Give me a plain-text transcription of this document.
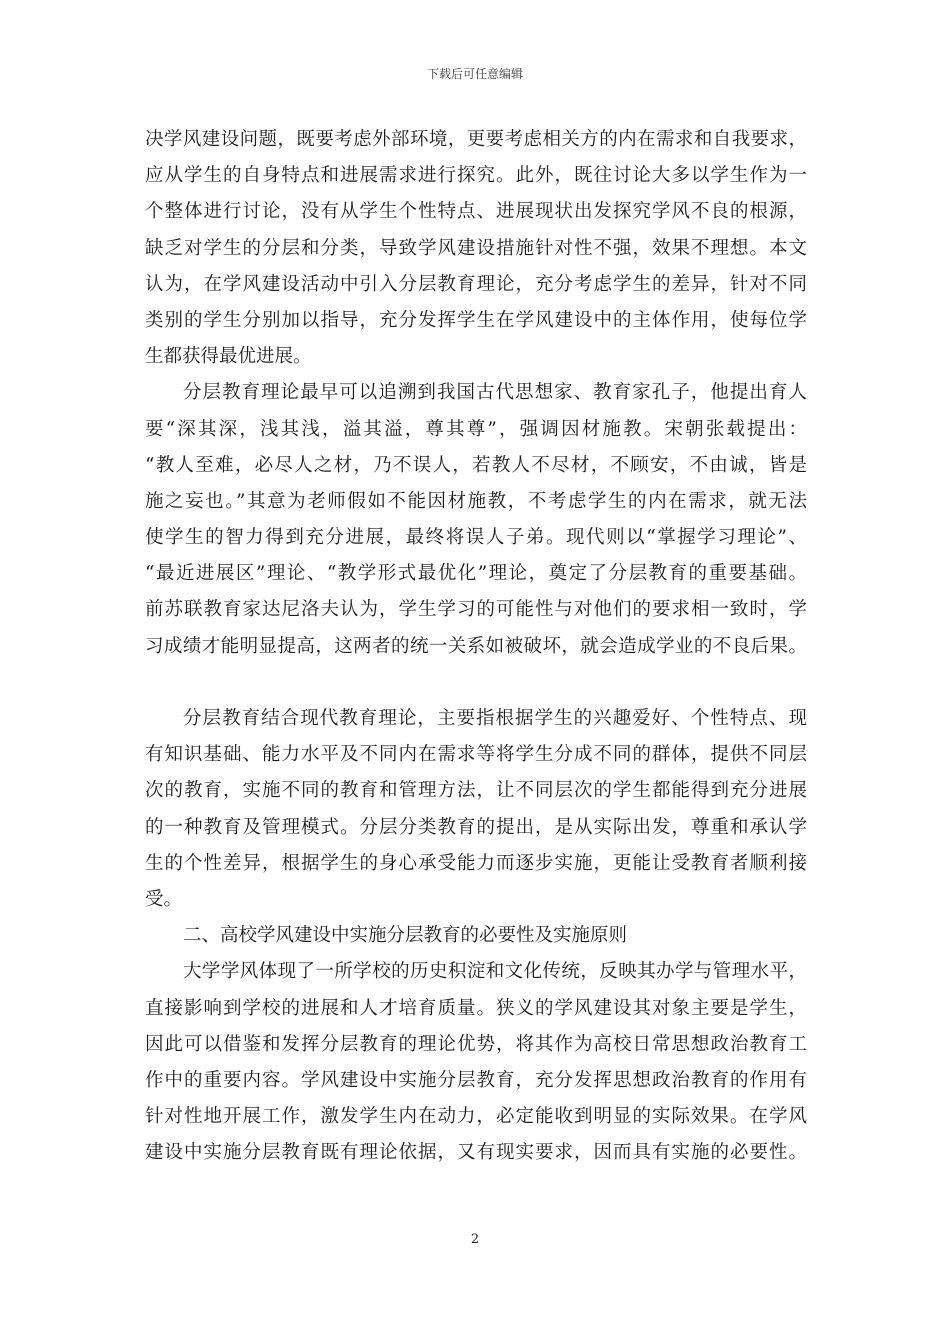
下载后可任意编辑
决学风建设问题，既要考虑外部环境，更要考虑相关方的内在需求和自我要求，
应从学生的自身特点和进展需求进行探究。此外，既往讨论大多以学生作为一
个整体进行讨论，没有从学生个性特点、进展现状出发探究学风不良的根源，
缺乏对学生的分层和分类，导致学风建设措施针对性不强，效果不理想。本文
认为，在学风建设活动中引入分层教育理论，充分考虑学生的差异，针对不同
类别的学生分别加以指导，充分发挥学生在学风建设中的主体作用，使每位学
生都获得最优进展。
分层教育理论最早可以追溯到我国古代思想家、教育家孔子，他提出育人
要“深其深，浅其浅，溢其溢，尊其尊”，强调因材施教。宋朝张载提出：
“教人至难，必尽人之材，乃不误人，若教人不尽材，不顾安，不由诚，皆是
施之妄也。”其意为老师假如不能因材施教，不考虑学生的内在需求，就无法
使学生的智力得到充分进展，最终将误人子弟。现代则以“掌握学习理论”、
“最近进展区”理论、“教学形式最优化”理论，奠定了分层教育的重要基础。
前苏联教育家达尼洛夫认为，学生学习的可能性与对他们的要求相一致时，学
习成绩才能明显提高，这两者的统一关系如被破坏，就会造成学业的不良后果。
分层教育结合现代教育理论，主要指根据学生的兴趣爱好、个性特点、现
有知识基础、能力水平及不同内在需求等将学生分成不同的群体，提供不同层
次的教育，实施不同的教育和管理方法，让不同层次的学生都能得到充分进展
的一种教育及管理模式。分层分类教育的提出，是从实际出发，尊重和承认学
生的个性差异，根据学生的身心承受能力而逐步实施，更能让受教育者顺利接
受。
二、高校学风建设中实施分层教育的必要性及实施原则
大学学风体现了一所学校的历史积淀和文化传统，反映其办学与管理水平，
直接影响到学校的进展和人才培育质量。狭义的学风建设其对象主要是学生，
因此可以借鉴和发挥分层教育的理论优势，将其作为高校日常思想政治教育工
作中的重要内容。学风建设中实施分层教育，充分发挥思想政治教育的作用有
针对性地开展工作，激发学生内在动力，必定能收到明显的实际效果。在学风
建设中实施分层教育既有理论依据，又有现实要求，因而具有实施的必要性。
2
